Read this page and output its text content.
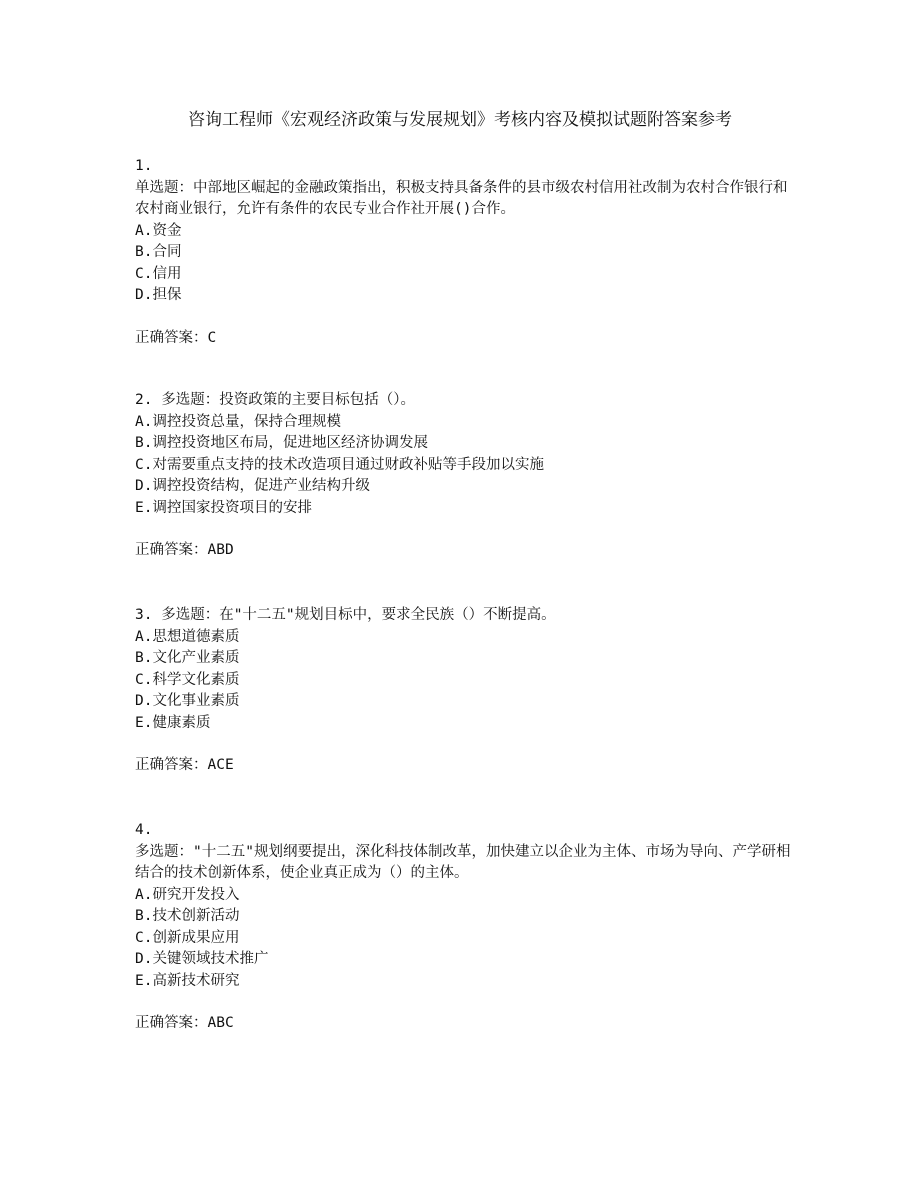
咨询工程师《宏观经济政策与发展规划》考核内容及模拟试题附答案参考

1.

单选题：中部地区崛起的金融政策指出，积极支持具备条件的县市级农村信用社改制为农村合作银行和农村商业银行，允许有条件的农民专业合作社开展()合作。

A.资金

B.合同

C.信用

D.担保

正确答案：C

2. 多选题：投资政策的主要目标包括（）。

A.调控投资总量，保持合理规模

B.调控投资地区布局，促进地区经济协调发展

C.对需要重点支持的技术改造项目通过财政补贴等手段加以实施

D.调控投资结构，促进产业结构升级

E.调控国家投资项目的安排

正确答案：ABD

3. 多选题：在"十二五"规划目标中，要求全民族（）不断提高。

A.思想道德素质

B.文化产业素质

C.科学文化素质

D.文化事业素质

E.健康素质

正确答案：ACE

4.

多选题："十二五"规划纲要提出，深化科技体制改革，加快建立以企业为主体、市场为导向、产学研相结合的技术创新体系，使企业真正成为（）的主体。

A.研究开发投入

B.技术创新活动

C.创新成果应用

D.关键领域技术推广

E.高新技术研究

正确答案：ABC
